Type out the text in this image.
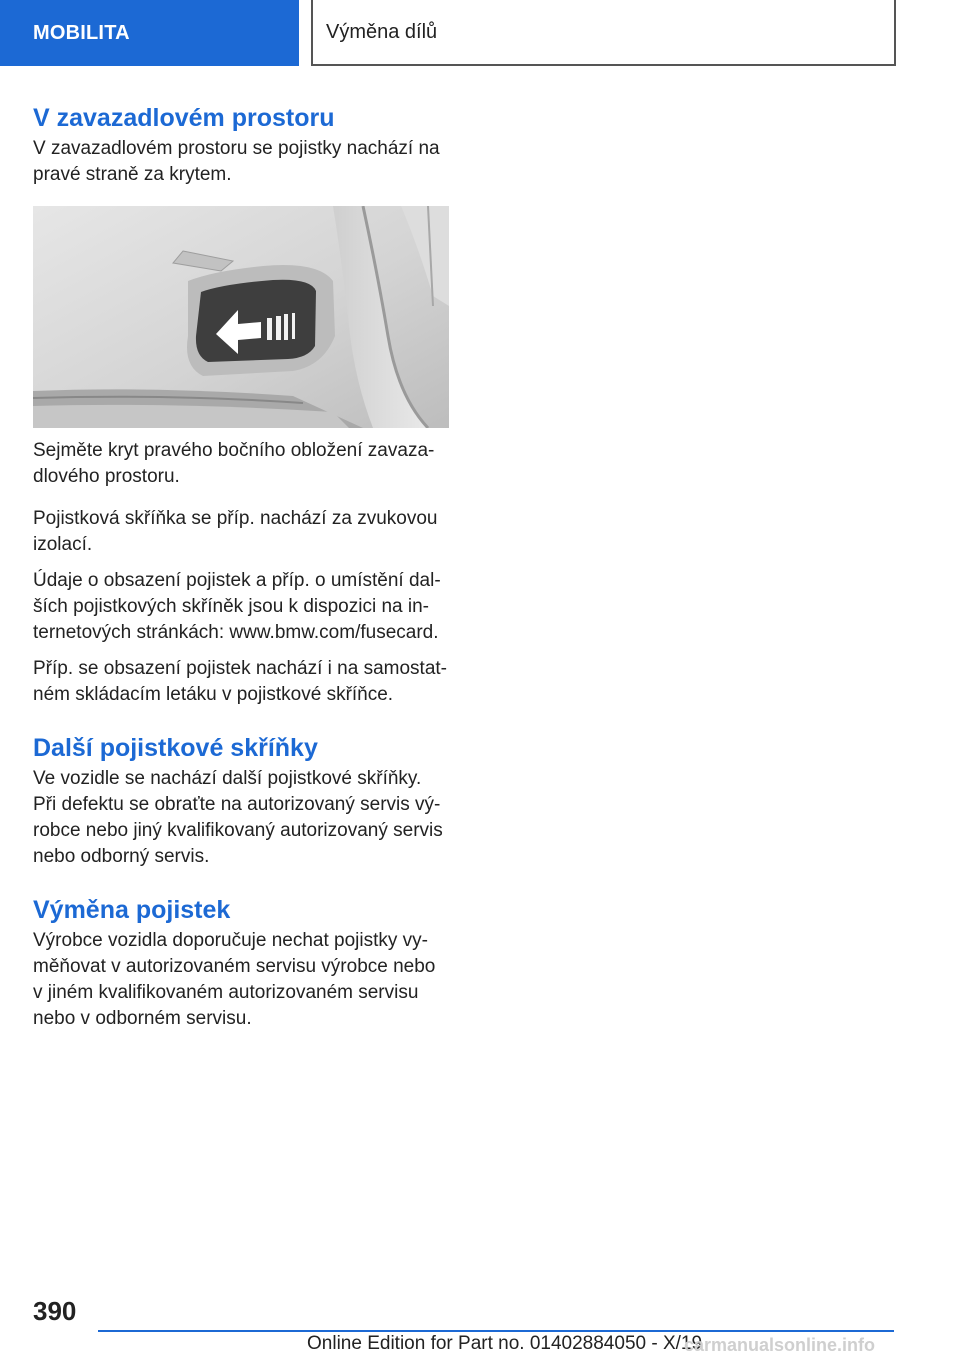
MOBILITA	Výměna dílů
V zavazadlovém prostoru

V zavazadlovém prostoru se pojistky nachází na pravé straně za krytem.

Sejměte kryt pravého bočního obložení zavaza-dlového prostoru.

Pojistková skříňka se příp. nachází za zvukovou izolací.

Údaje o obsazení pojistek a příp. o umístění dal-ších pojistkových skříněk jsou k dispozici na in-ternetových stránkách: www.bmw.com/fusecard.

Příp. se obsazení pojistek nachází i na samostat-ném skládacím letáku v pojistkové skříňce.

Další pojistkové skříňky

Ve vozidle se nachází další pojistkové skříňky. Při defektu se obraťte na autorizovaný servis vý-robce nebo jiný kvalifikovaný autorizovaný servis nebo odborný servis.

Výměna pojistek

Výrobce vozidla doporučuje nechat pojistky vy-měňovat v autorizovaném servisu výrobce nebo v jiném kvalifikovaném autorizovaném servisu nebo v odborném servisu.

390
Online Edition for Part no. 01402884050 - X/19
carmanualsonline.info
